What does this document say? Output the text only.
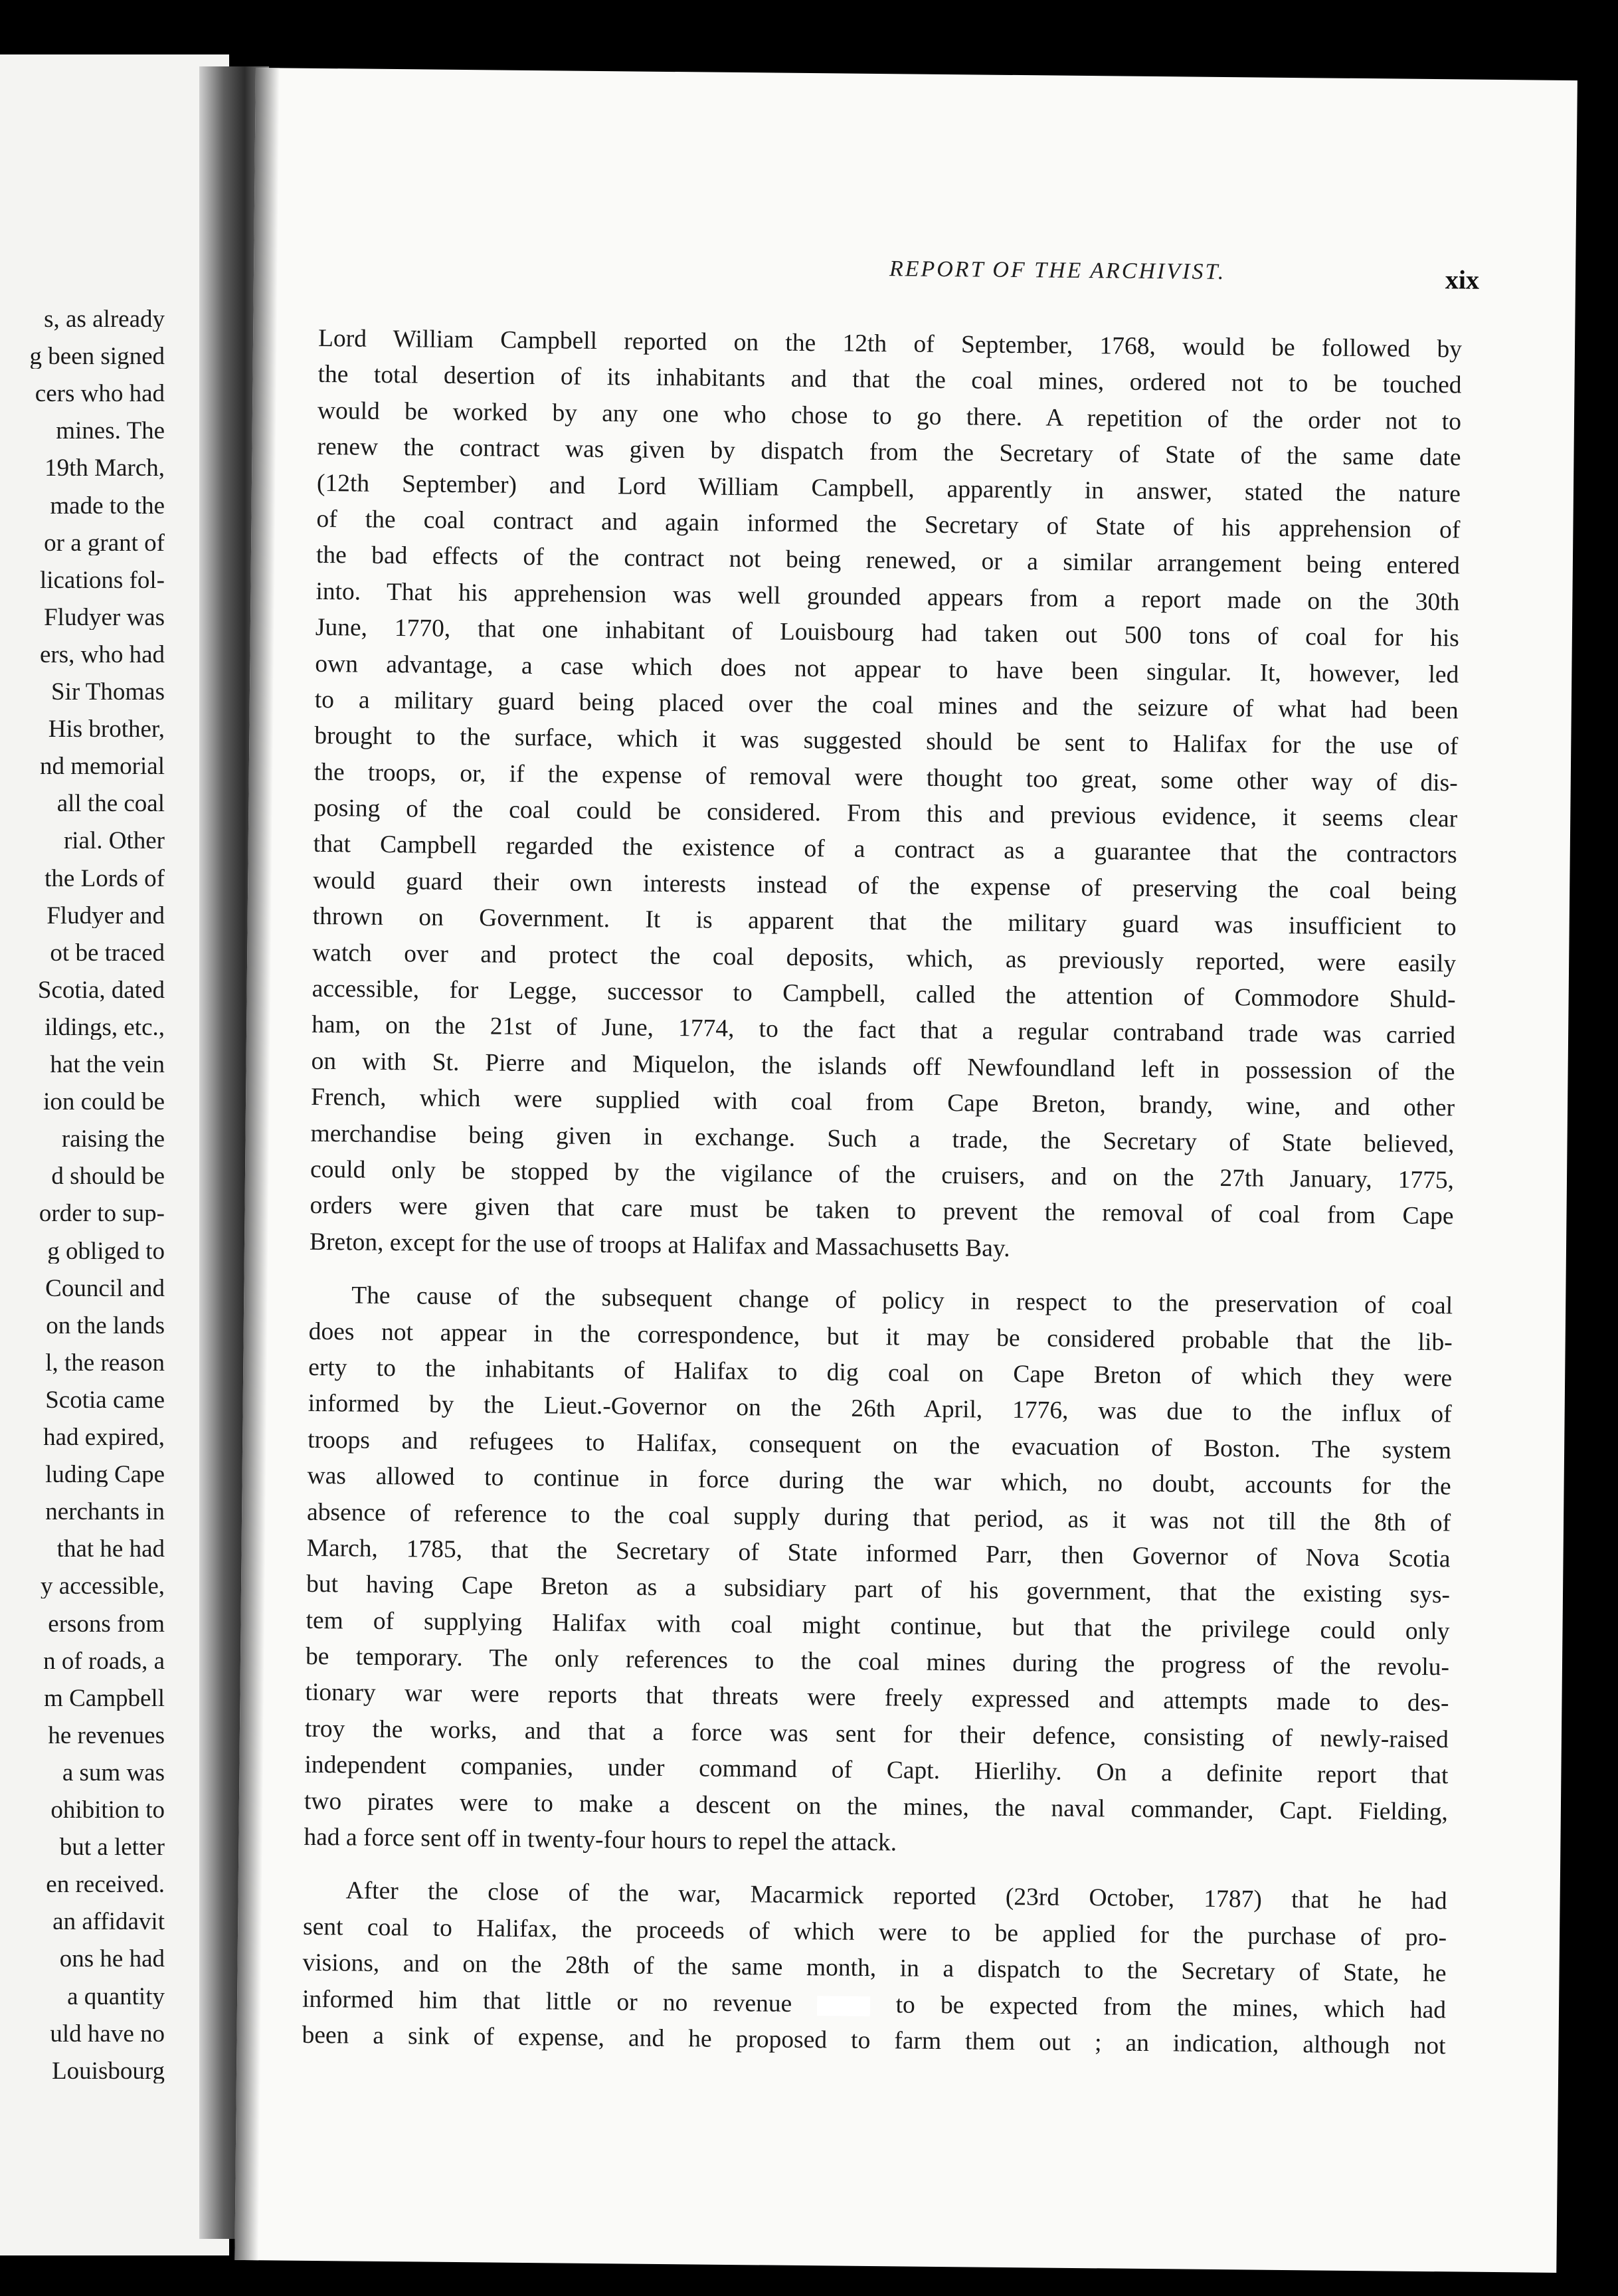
s, as already
g been signed
cers who had
mines. The
19th March,
made to the
or a grant of
lications fol-
Fludyer was
ers, who had
Sir Thomas
His brother,
nd memorial
all the coal
rial. Other
the Lords of
Fludyer and
ot be traced
Scotia, dated
ildings, etc.,
hat the vein
ion could be
raising the
d should be
order to sup-
g obliged to
Council and
on the lands
l, the reason
Scotia came
had expired,
luding Cape
nerchants in
that he had
y accessible,
ersons from
n of roads, a
m Campbell
he revenues
a sum was
ohibition to
but a letter
en received.
an affidavit
ons he had
a quantity
uld have no
Louisbourg
REPORT OF THE ARCHIVIST.	xix

Lord William Campbell reported on the 12th of September, 1768, would be followed by
the total desertion of its inhabitants and that the coal mines, ordered not to be touched
would be worked by any one who chose to go there. A repetition of the order not to
renew the contract was given by dispatch from the Secretary of State of the same date
(12th September) and Lord William Campbell, apparently in answer, stated the nature
of the coal contract and again informed the Secretary of State of his apprehension of
the bad effects of the contract not being renewed, or a similar arrangement being entered
into. That his apprehension was well grounded appears from a report made on the 30th
June, 1770, that one inhabitant of Louisbourg had taken out 500 tons of coal for his
own advantage, a case which does not appear to have been singular. It, however, led
to a military guard being placed over the coal mines and the seizure of what had been
brought to the surface, which it was suggested should be sent to Halifax for the use of
the troops, or, if the expense of removal were thought too great, some other way of dis-
posing of the coal could be considered. From this and previous evidence, it seems clear
that Campbell regarded the existence of a contract as a guarantee that the contractors
would guard their own interests instead of the expense of preserving the coal being
thrown on Government. It is apparent that the military guard was insufficient to
watch over and protect the coal deposits, which, as previously reported, were easily
accessible, for Legge, successor to Campbell, called the attention of Commodore Shuld-
ham, on the 21st of June, 1774, to the fact that a regular contraband trade was carried
on with St. Pierre and Miquelon, the islands off Newfoundland left in possession of the
French, which were supplied with coal from Cape Breton, brandy, wine, and other
merchandise being given in exchange. Such a trade, the Secretary of State believed,
could only be stopped by the vigilance of the cruisers, and on the 27th January, 1775,
orders were given that care must be taken to prevent the removal of coal from Cape
Breton, except for the use of troops at Halifax and Massachusetts Bay.

The cause of the subsequent change of policy in respect to the preservation of coal
does not appear in the correspondence, but it may be considered probable that the lib-
erty to the inhabitants of Halifax to dig coal on Cape Breton of which they were
informed by the Lieut.-Governor on the 26th April, 1776, was due to the influx of
troops and refugees to Halifax, consequent on the evacuation of Boston. The system
was allowed to continue in force during the war which, no doubt, accounts for the
absence of reference to the coal supply during that period, as it was not till the 8th of
March, 1785, that the Secretary of State informed Parr, then Governor of Nova Scotia
but having Cape Breton as a subsidiary part of his government, that the existing sys-
tem of supplying Halifax with coal might continue, but that the privilege could only
be temporary. The only references to the coal mines during the progress of the revolu-
tionary war were reports that threats were freely expressed and attempts made to des-
troy the works, and that a force was sent for their defence, consisting of newly-raised
independent companies, under command of Capt. Hierlihy. On a definite report that
two pirates were to make a descent on the mines, the naval commander, Capt. Fielding,
had a force sent off in twenty-four hours to repel the attack.

After the close of the war, Macarmick reported (23rd October, 1787) that he had
sent coal to Halifax, the proceeds of which were to be applied for the purchase of pro-
visions, and on the 28th of the same month, in a dispatch to the Secretary of State, he
informed him that little or no revenue	to be expected from the mines, which had
been a sink of expense, and he proposed to farm them out ; an indication, although not
